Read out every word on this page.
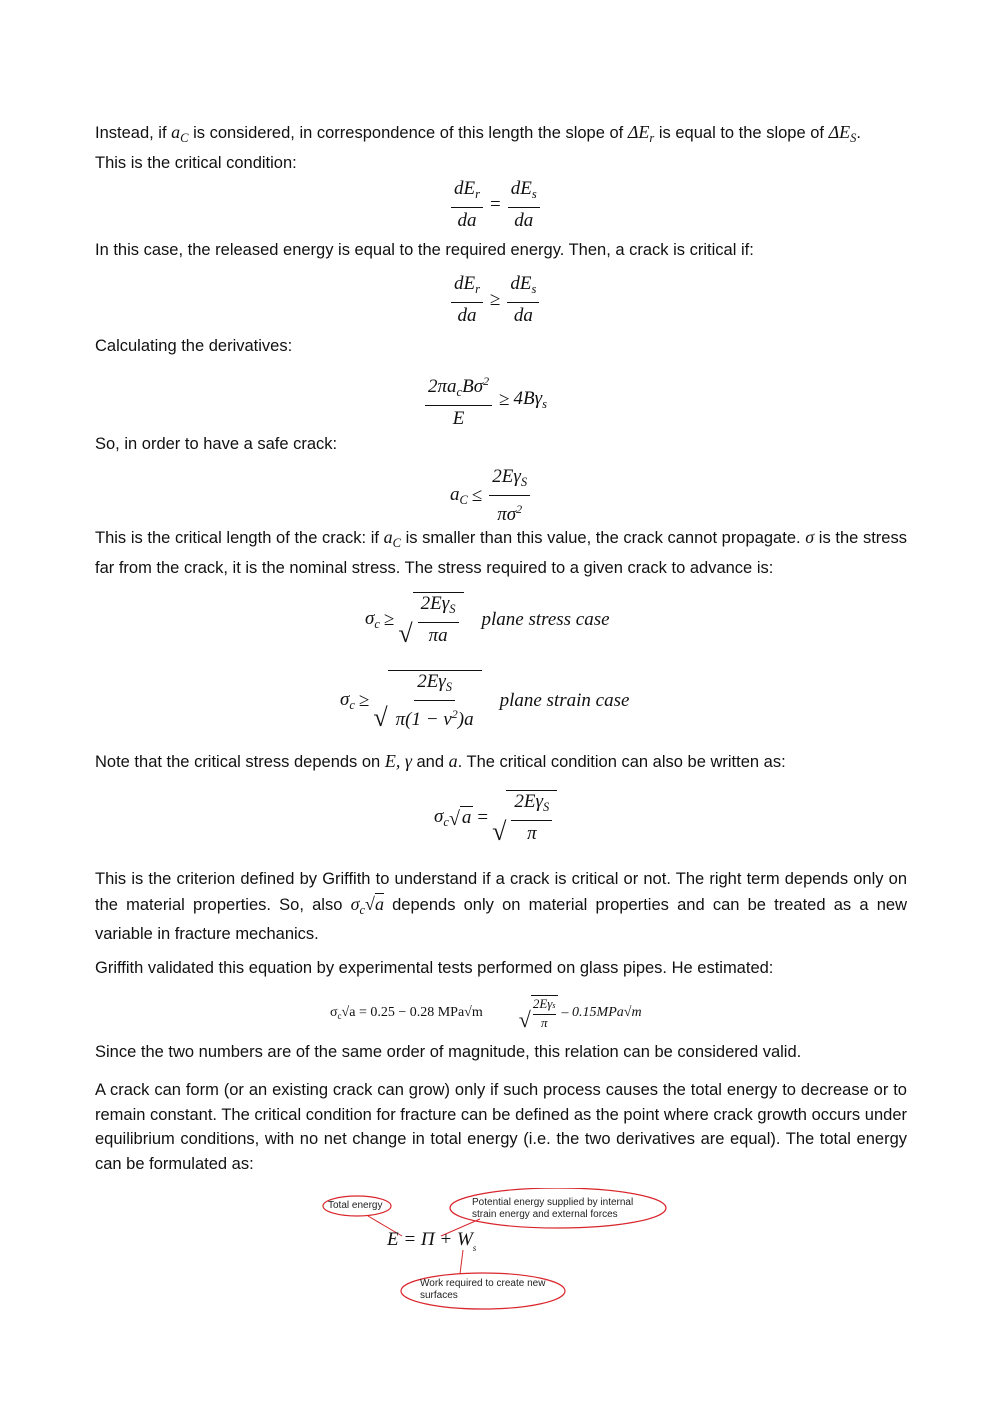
Instead, if $a_C$ is considered, in correspondence of this length the slope of $\Delta E_r$ is equal to the slope of $\Delta E_S$.
This is the critical condition:

$\frac{dE_r}{da} = \frac{dE_s}{da}$

In this case, the released energy is equal to the required energy. Then, a crack is critical if:

$\frac{dE_r}{da} \ge \frac{dE_s}{da}$

Calculating the derivatives:

$\frac{2\pi a_cB\sigma^2}{E} \ge 4B\gamma_s$

So, in order to have a safe crack:

$a_C \le \frac{2E\gamma_S}{\pi\sigma^2}$

This is the critical length of the crack: if $a_C$ is smaller than this value, the crack cannot propagate. σ is the stress far from the crack, it is the nominal stress. The stress required to a given crack to advance is:

$\sigma_c$ ≥ √ $\frac{2E\gamma_S}{\pi a}$ plane stress case
$\sigma_c$ ≥
√ $\frac{2E\gamma_S}{\pi(1 - \nu^2)a}$ plane strain case

Note that the critical stress depends on E, γ and a. The critical condition can also be written as:

$\sigma_c$ √ a = √ $\frac{2E\gamma_S}{\pi}$

This is the criterion defined by Griffith to understand if a crack is critical or not. The right term depends only on the material properties. So, also $\sigma_c√a$ depends only on material properties and can be treated as a new variable in fracture mechanics.

Griffith validated this equation by experimental tests performed on glass pipes. He estimated:

$\sigma_c√a = 0.25 - 0.28$ MPa√m √
2Eγs
π
– 0.15MPa√m

Since the two numbers are of the same order of magnitude, this relation can be considered valid.

A crack can form (or an existing crack can grow) only if such process causes the total energy to decrease or to remain constant. The critical condition for fracture can be defined as the point where crack growth occurs under equilibrium conditions, with no net change in total energy (i.e. the two derivatives are equal). The total energy can be formulated as:

Total energy	Potential energy supplied by internal strain energy and external forces
Work required to create new surfaces
$E = \Pi + W_s$
